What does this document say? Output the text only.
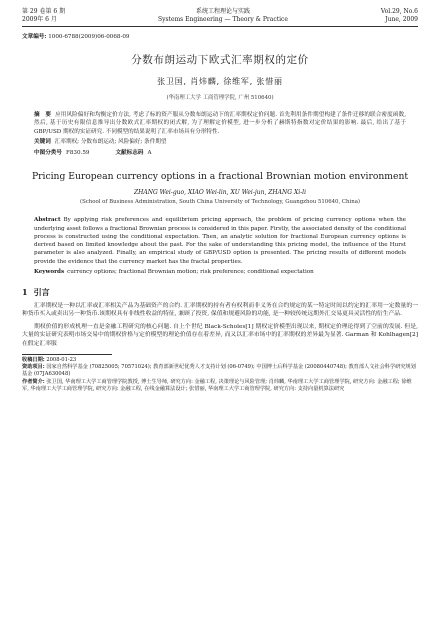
第 29 卷第 6 期
2009年 6 月
系统工程理论与实践
Systems Engineering — Theory & Practice
Vol.29, No.6
June, 2009
文章编号: 1000-6788(2009)06-0068-09
分数布朗运动下欧式汇率期权的定价
张卫国, 肖炜麟, 徐维军, 张惜丽
(华南理工大学 工商管理学院, 广州 510640)
摘　要 应用风险偏好和均衡定价方法, 考虑了标的资产服从分数布朗运动下的汇率期权定价问题. 首先利用条件期望构建了条件迁移的联合密度函数, 然后, 基于历史有限信息推导出分数欧式汇率期权的闭式解, 为了理解定价模型, 进一步分析了赫斯特指数对定价结果的影响. 最后, 给出了基于 GBP/USD 期权的实证研究. 不同模型的结果说明了汇率市场具有分形特性.
关键词 汇率期权; 分数布朗运动; 风险偏好; 条件期望
中图分类号 F830.59	文献标志码 A
Pricing European currency options in a fractional Brownian motion environment
ZHANG Wei-guo, XIAO Wei-lin, XU Wei-jun, ZHANG Xi-li
(School of Business Administration, South China University of Technology, Guangzhou 510640, China)
Abstract By applying risk preferences and equilibrium pricing approach, the problem of pricing currency options when the underlying asset follows a fractional Brownian process is considered in this paper. Firstly, the associated density of the conditional process is constructed using the conditional expectation. Then, an analytic solution for fractional European currency options is derived based on limited knowledge about the past. For the sake of understanding this pricing model, the influence of the Hurst parameter is also analyzed. Finally, an empirical study of GBP/USD option is presented. The pricing results of different models provide the evidence that the currency market has the fractal properties.
Keywords currency options; fractional Brownian motion; risk preference; conditional expectation
1 引言

汇率期权是一种以汇率或汇率相关产品为基础资产的合约. 汇率期权的持有者有权利而非义务在合约规定的某一特定时间以约定的汇率用一定数量的一种货币买入或卖出另一种货币.该期权具有非线性收益的特征, 兼顾了投资, 保值和规避风险的功能, 是一种较传统远期外汇交易更具灵活性的衍生产品.

期权价值的形成机理一直是金融工程研究的核心问题. 自上个世纪 Black-Scholes[1] 期权定价模型出现以来, 期权定价理论得到了空前的发展. 但是, 大量的实证研究表明市场交易中的期权价格与定价模型的理论价值存在着差异, 而又以汇率市场中的汇率期权的差异最为显著. Garman 和 Kohlhagen[2] 在假定汇率服

收稿日期: 2008-01-23
资助项目: 国家自然科学基金 (70825005; 70571024); 教育部新世纪优秀人才支持计划 (06-0749); 中国博士后科学基金 (20080440748); 教育部人文社会科学研究规划基金 (07JA630048)
作者简介: 张卫国, 华南理工大学工商管理学院教授, 博士生导师, 研究方向: 金融工程, 决策理论与风险管理; 肖炜麟, 华南理工大学工商管理学院, 研究方向: 金融工程; 徐维军, 华南理工大学工商管理学院, 研究方向: 金融工程, 在线金融算法设计; 张惜丽, 华南理工大学工商管理学院, 研究方向: 支持向量机算法研究
